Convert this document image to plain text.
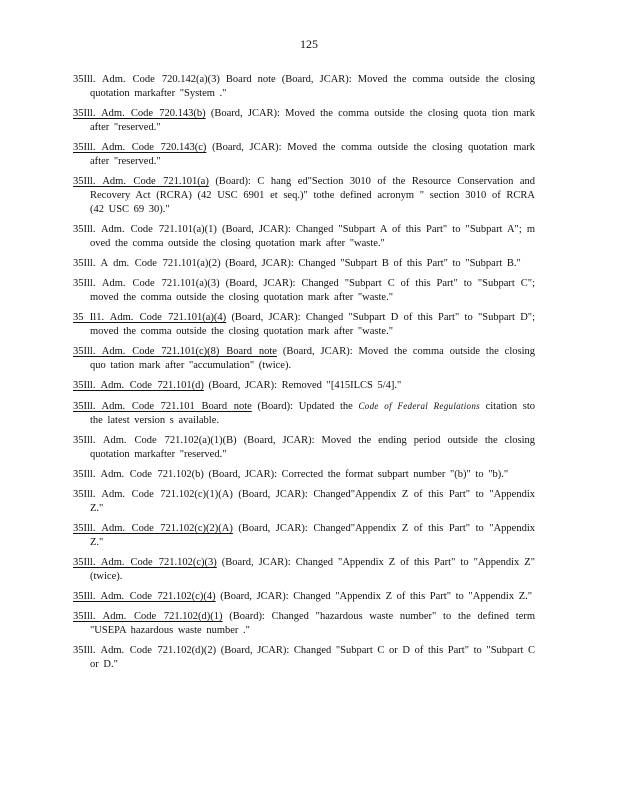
125

35Ill. Adm. Code 720.142(a)(3) Board note (Board, JCAR): Moved the comma outside the closing quotation markafter "System ."

35Ill. Adm. Code 720.143(b) (Board, JCAR): Moved the comma outside the closing quota tion mark after "reserved."

35Ill. Adm. Code 720.143(c) (Board, JCAR): Moved the comma outside the closing quotation mark after "reserved."

35Ill. Adm. Code 721.101(a) (Board): C hang ed"Section 3010 of the Resource Conservation and Recovery Act (RCRA) (42 USC 6901 et seq.)" tothe defined acronym " section 3010 of RCRA (42 USC 69 30)."

35Ill. Adm. Code 721.101(a)(1) (Board, JCAR): Changed "Subpart A of this Part" to "Subpart A"; m oved the comma outside the closing quotation mark after "waste."

35Ill. A dm. Code 721.101(a)(2) (Board, JCAR): Changed "Subpart B of this Part" to "Subpart B."

35Ill. Adm. Code 721.101(a)(3) (Board, JCAR): Changed "Subpart C of this Part" to "Subpart C"; moved the comma outside the closing quotation mark after "waste."

35 Il1. Adm. Code 721.101(a)(4) (Board, JCAR): Changed "Subpart D of this Part" to "Subpart D"; moved the comma outside the closing quotation mark after "waste."

35Ill. Adm. Code 721.101(c)(8) Board note (Board, JCAR): Moved the comma outside the closing quo tation mark after "accumulation" (twice).

35Ill. Adm. Code 721.101(d) (Board, JCAR): Removed "[415ILCS 5/4]."

35Ill. Adm. Code 721.101 Board note (Board): Updated the Code of Federal Regulations citation sto the latest version s available.

35Ill. Adm. Code 721.102(a)(1)(B) (Board, JCAR): Moved the ending period outside the closing quotation markafter "reserved."

35Ill. Adm. Code 721.102(b) (Board, JCAR): Corrected the format subpart number "(b)" to "b)."

35Ill. Adm. Code 721.102(c)(1)(A) (Board, JCAR): Changed"Appendix Z of this Part" to "Appendix Z."

35Ill. Adm. Code 721.102(c)(2)(A) (Board, JCAR): Changed"Appendix Z of this Part" to "Appendix Z."

35Ill. Adm. Code 721.102(c)(3) (Board, JCAR): Changed "Appendix Z of this Part" to "Appendix Z" (twice).

35Ill. Adm. Code 721.102(c)(4) (Board, JCAR): Changed "Appendix Z of this Part" to "Appendix Z."

35Ill. Adm. Code 721.102(d)(1) (Board): Changed "hazardous waste number" to the defined term "USEPA hazardous waste number ."

35Ill. Adm. Code 721.102(d)(2) (Board, JCAR): Changed "Subpart C or D of this Part" to "Subpart C or D."
